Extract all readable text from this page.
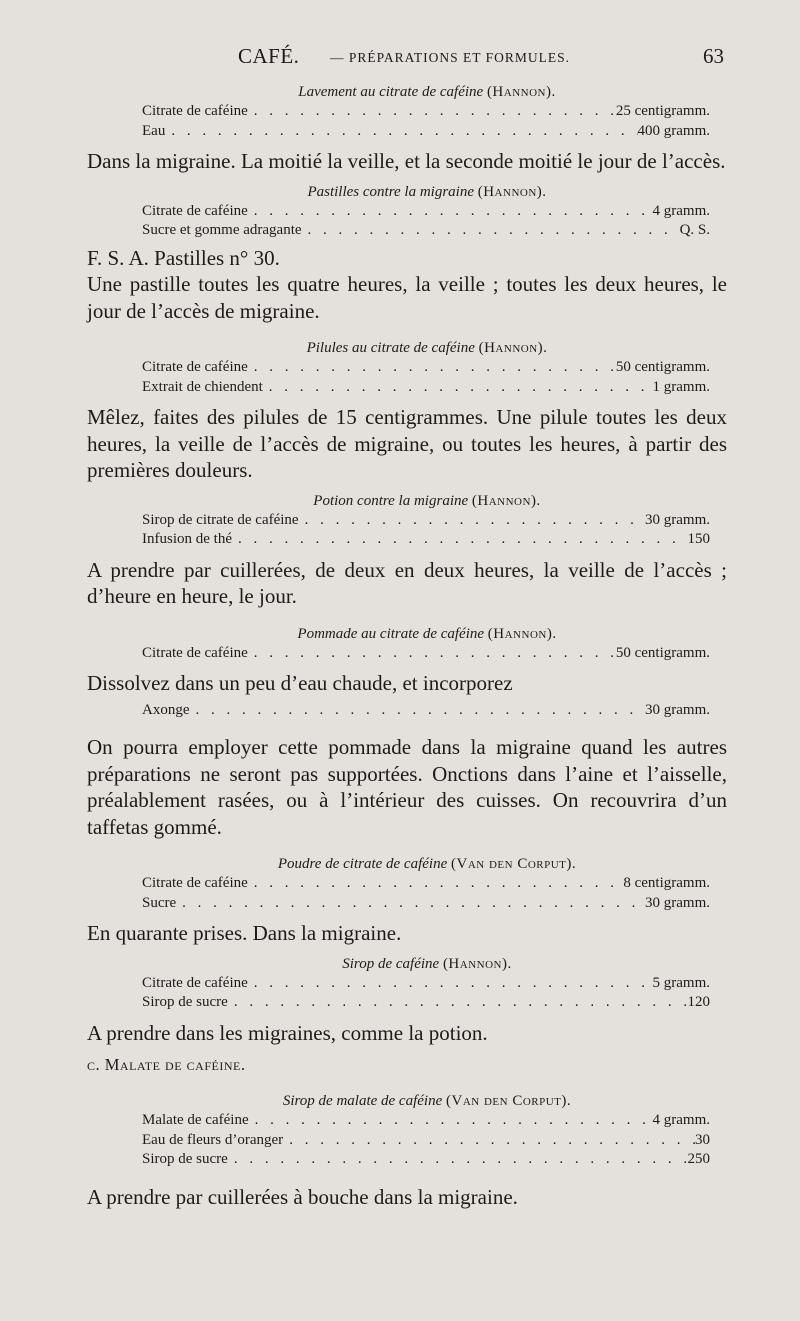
CAFÉ. — PRÉPARATIONS ET FORMULES.	63
Lavement au citrate de caféine (Hannon).
Citrate de caféine . . .	25 centigramm.
Eau . . .	400 gramm.

Dans la migraine. La moitié la veille, et la seconde moitié le jour de l’accès.

Pastilles contre la migraine (Hannon).
Citrate de caféine . . .	4 gramm.
Sucre et gomme adragante . . .	Q. S.

F. S. A. Pastilles n° 30.

Une pastille toutes les quatre heures, la veille ; toutes les deux heures, le jour de l’accès de migraine.

Pilules au citrate de caféine (Hannon).
Citrate de caféine . . .	50 centigramm.
Extrait de chiendent . . .	1 gramm.

Mêlez, faites des pilules de 15 centigrammes. Une pilule toutes les deux heures, la veille de l’accès de migraine, ou toutes les heures, à partir des premières douleurs.

Potion contre la migraine (Hannon).
Sirop de citrate de caféine . . .	30 gramm.
Infusion de thé . . .	150

A prendre par cuillerées, de deux en deux heures, la veille de l’accès ; d’heure en heure, le jour.

Pommade au citrate de caféine (Hannon).
Citrate de caféine . . .	50 centigramm.

Dissolvez dans un peu d’eau chaude, et incorporez

Axonge . . .	30 gramm.

On pourra employer cette pommade dans la migraine quand les autres préparations ne seront pas supportées. Onctions dans l’aine et l’aisselle, préalablement rasées, ou à l’intérieur des cuisses. On recouvrira d’un taffetas gommé.

Poudre de citrate de caféine (Van den Corput).
Citrate de caféine . . .	8 centigramm.
Sucre . . .	30 gramm.

En quarante prises. Dans la migraine.

Sirop de caféine (Hannon).
Citrate de caféine . . .	5 gramm.
Sirop de sucre . . .	120

A prendre dans les migraines, comme la potion.

c. Malate de caféine.
Sirop de malate de caféine (Van den Corput).
Malate de caféine . . .	4 gramm.
Eau de fleurs d’oranger . . .	30
Sirop de sucre . . .	250

A prendre par cuillerées à bouche dans la migraine.
